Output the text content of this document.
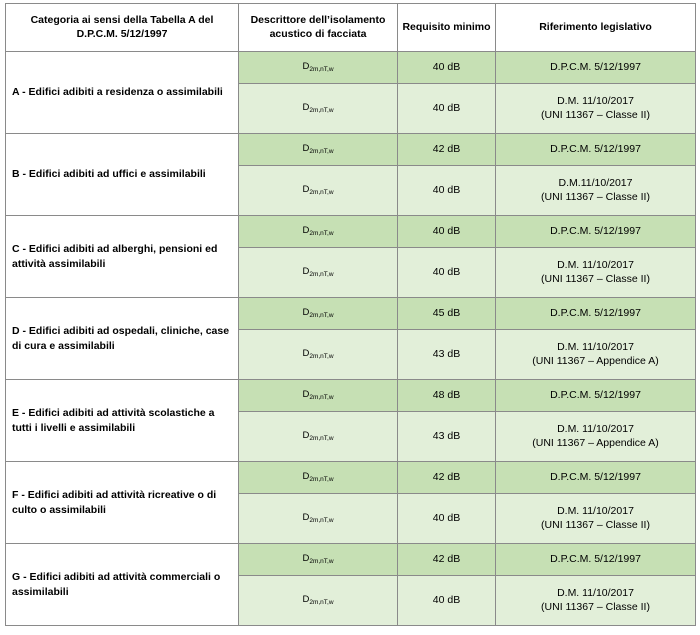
Categoria ai sensi della Tabella A del D.P.C.M. 5/12/1997	Descrittore dell’isolamento acustico di facciata	Requisito minimo	Riferimento legislativo
A - Edifici adibiti a residenza o assimilabili	$D_{2m,nT,w}$	40 dB	D.P.C.M. 5/12/1997

	$D_{2m,nT,w}$	40 dB	D.M. 11/10/2017
(UNI 11367 – Classe II)

B - Edifici adibiti ad uffici e assimilabili	$D_{2m,nT,w}$	42 dB	D.P.C.M. 5/12/1997

	$D_{2m,nT,w}$	40 dB	D.M.11/10/2017
(UNI 11367 – Classe II)

C - Edifici adibiti ad alberghi, pensioni ed attività assimilabili	$D_{2m,nT,w}$	40 dB	D.P.C.M. 5/12/1997

	$D_{2m,nT,w}$	40 dB	D.M. 11/10/2017
(UNI 11367 – Classe II)

D - Edifici adibiti ad ospedali, cliniche, case di cura e assimilabili	$D_{2m,nT,w}$	45 dB	D.P.C.M. 5/12/1997

	$D_{2m,nT,w}$	43 dB	D.M. 11/10/2017
(UNI 11367 – Appendice A)

E - Edifici adibiti ad attività scolastiche a tutti i livelli e assimilabili	$D_{2m,nT,w}$	48 dB	D.P.C.M. 5/12/1997

	$D_{2m,nT,w}$	43 dB	D.M. 11/10/2017
(UNI 11367 – Appendice A)

F - Edifici adibiti ad attività ricreative o di culto o assimilabili	$D_{2m,nT,w}$	42 dB	D.P.C.M. 5/12/1997

	$D_{2m,nT,w}$	40 dB	D.M. 11/10/2017
(UNI 11367 – Classe II)

G - Edifici adibiti ad attività commerciali o assimilabili	$D_{2m,nT,w}$	42 dB	D.P.C.M. 5/12/1997

	$D_{2m,nT,w}$	40 dB	D.M. 11/10/2017
(UNI 11367 – Classe II)
